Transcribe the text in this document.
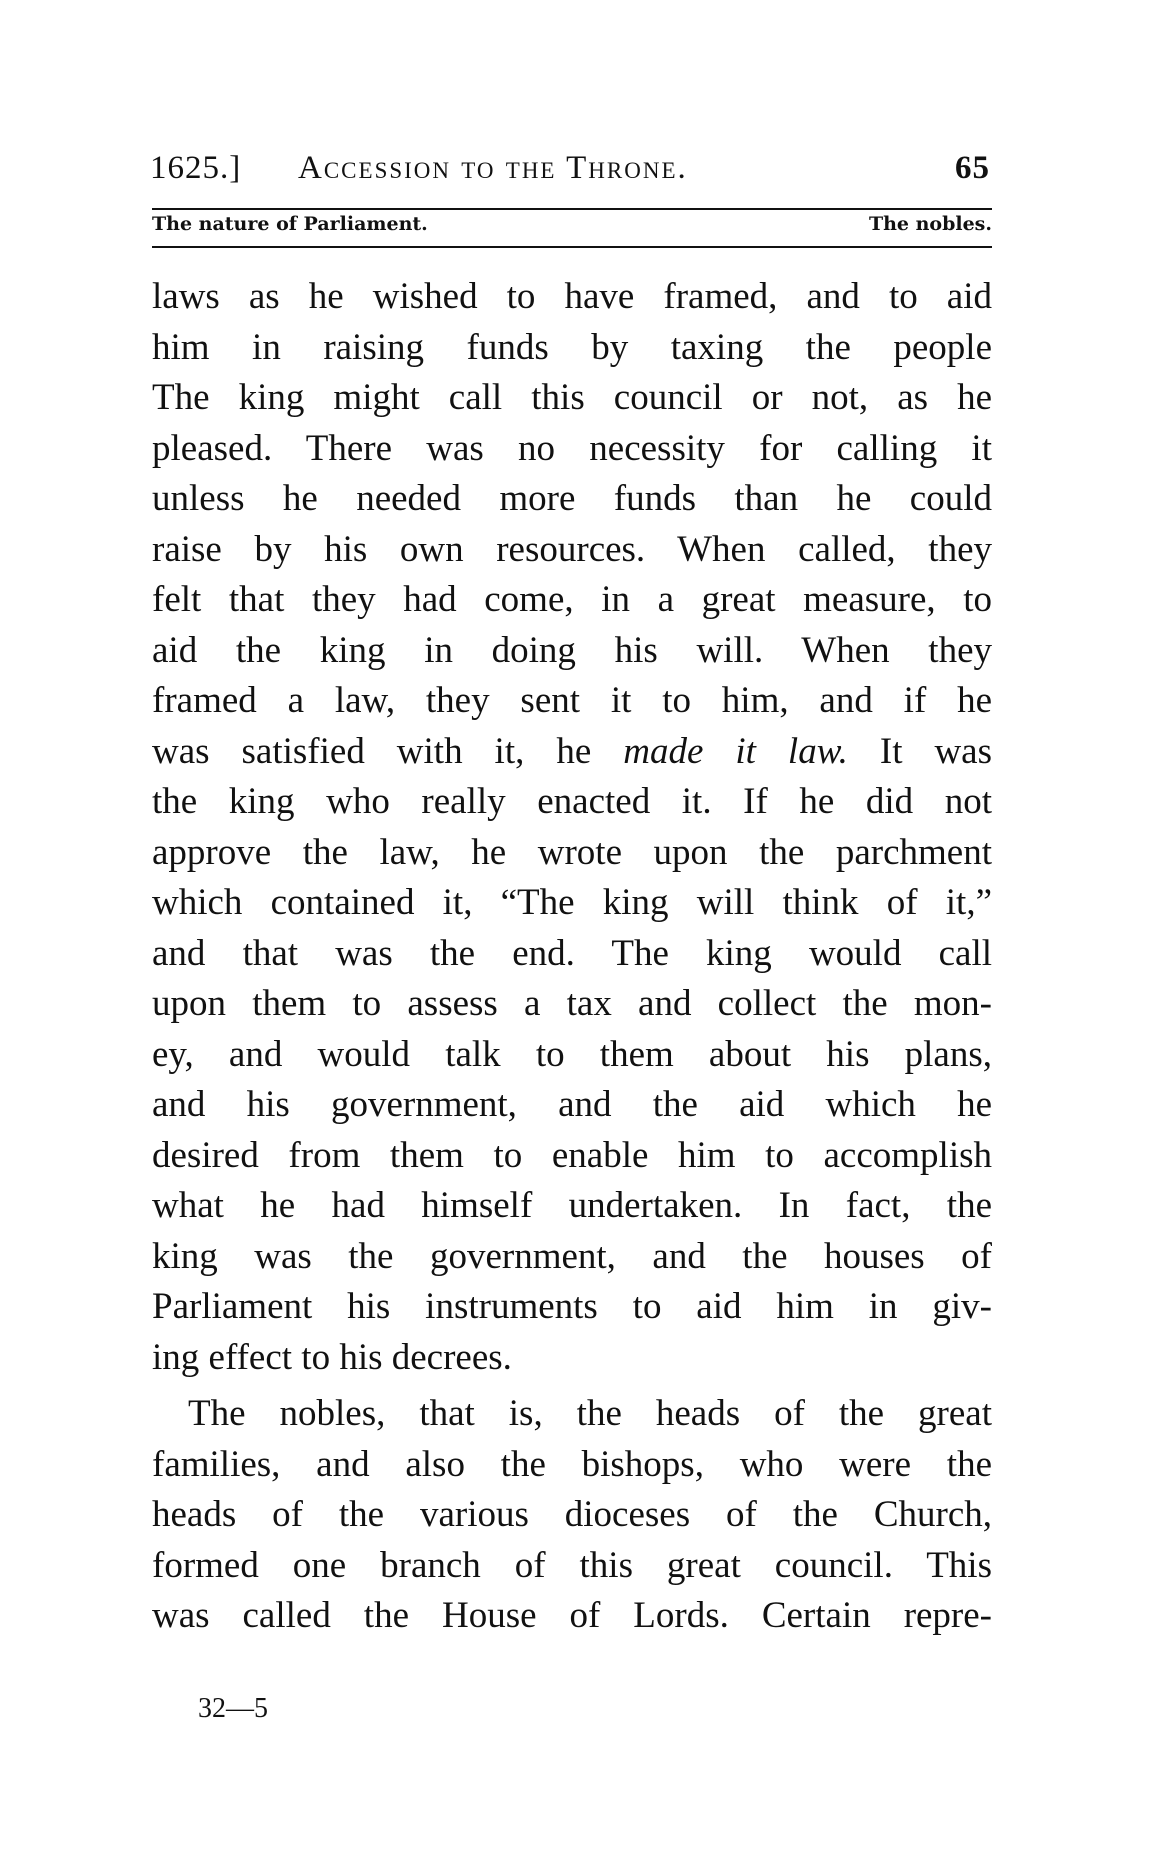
1625.] Accession to the Throne.	65
The nature of Parliament.	The nobles.
laws as he wished to have framed, and to aid
him in raising funds by taxing the people
The king might call this council or not, as he
pleased. There was no necessity for calling it
unless he needed more funds than he could
raise by his own resources. When called, they
felt that they had come, in a great measure, to
aid the king in doing his will. When they
framed a law, they sent it to him, and if he
was satisfied with it, he made it law. It was
the king who really enacted it. If he did not
approve the law, he wrote upon the parchment
which contained it, “The king will think of it,”
and that was the end. The king would call
upon them to assess a tax and collect the mon-
ey, and would talk to them about his plans,
and his government, and the aid which he
desired from them to enable him to accomplish
what he had himself undertaken. In fact, the
king was the government, and the houses of
Parliament his instruments to aid him in giv-
ing effect to his decrees.
The nobles, that is, the heads of the great
families, and also the bishops, who were the
heads of the various dioceses of the Church,
formed one branch of this great council. This
was called the House of Lords. Certain repre-
32—5
